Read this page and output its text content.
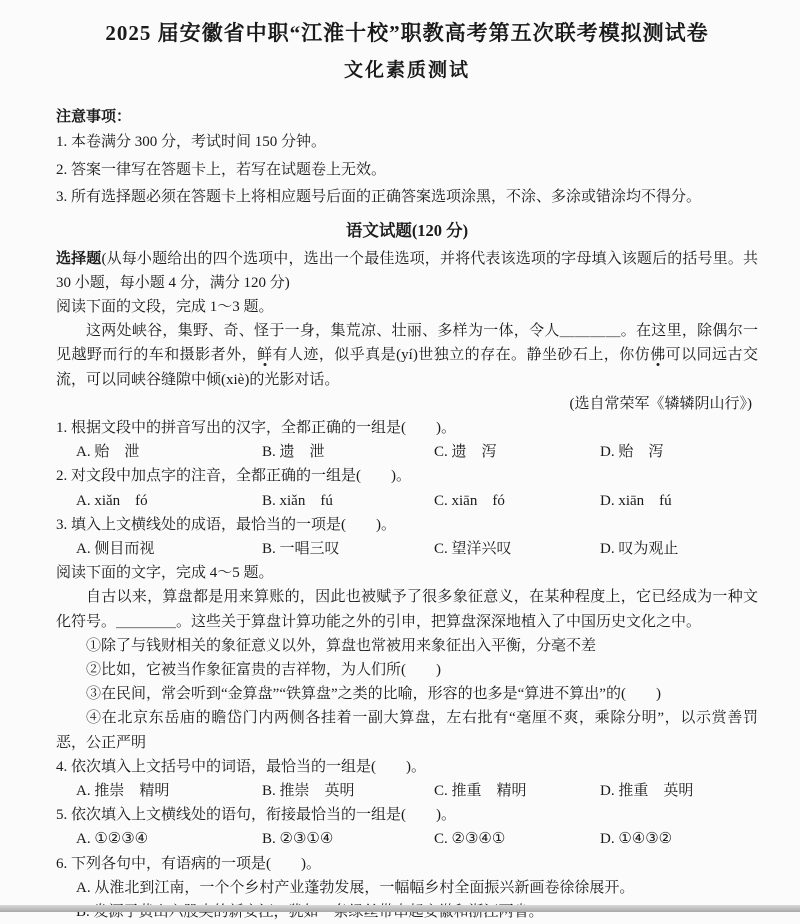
2025 届安徽省中职“江淮十校”职教高考第五次联考模拟测试卷
文化素质测试
注意事项：
1. 本卷满分 300 分，考试时间 150 分钟。
2. 答案一律写在答题卡上，若写在试题卷上无效。
3. 所有选择题必须在答题卡上将相应题号后面的正确答案选项涂黑，不涂、多涂或错涂均不得分。
语文试题(120 分)

选择题(从每小题给出的四个选项中，选出一个最佳选项，并将代表该选项的字母填入该题后的括号里。共 30 小题，每小题 4 分，满分 120 分)

阅读下面的文段，完成 1～3 题。

这两处峡谷，集野、奇、怪于一身，集荒凉、壮丽、多样为一体，令人＿＿＿＿。在这里，除偶尔一见越野而行的车和摄影者外，鲜有人迹，似乎真是(yí)世独立的存在。静坐砂石上，你仿佛可以同远古交流，可以同峡谷缝隙中倾(xiè)的光影对话。

(选自常荣军《辚辚阴山行》)

1. 根据文段中的拼音写出的汉字，全都正确的一组是(　　)。

A. 贻　泄	B. 遗　泄	C. 遗　泻	D. 贻　泻

2. 对文段中加点字的注音，全都正确的一组是(　　)。

A. xiǎn　fó	B. xiǎn　fú	C. xiān　fó	D. xiān　fú

3. 填入上文横线处的成语，最恰当的一项是(　　)。

A. 侧目而视	B. 一唱三叹	C. 望洋兴叹	D. 叹为观止

阅读下面的文字，完成 4～5 题。

自古以来，算盘都是用来算账的，因此也被赋予了很多象征意义，在某种程度上，它已经成为一种文化符号。＿＿＿＿。这些关于算盘计算功能之外的引申，把算盘深深地植入了中国历史文化之中。

①除了与钱财相关的象征意义以外，算盘也常被用来象征出入平衡，分毫不差

②比如，它被当作象征富贵的吉祥物，为人们所(　　)

③在民间，常会听到“金算盘”“铁算盘”之类的比喻，形容的也多是“算进不算出”的(　　)

④在北京东岳庙的瞻岱门内两侧各挂着一副大算盘，左右批有“毫厘不爽，乘除分明”，以示赏善罚恶，公正严明

4. 依次填入上文括号中的词语，最恰当的一组是(　　)。

A. 推崇　精明	B. 推崇　英明	C. 推重　精明	D. 推重　英明

5. 依次填入上文横线处的语句，衔接最恰当的一组是(　　)。

A. ①②③④	B. ②③①④	C. ②③④①	D. ①④③②

6. 下列各句中，有语病的一项是(　　)。

A. 从淮北到江南，一个个乡村产业蓬勃发展，一幅幅乡村全面振兴新画卷徐徐展开。
